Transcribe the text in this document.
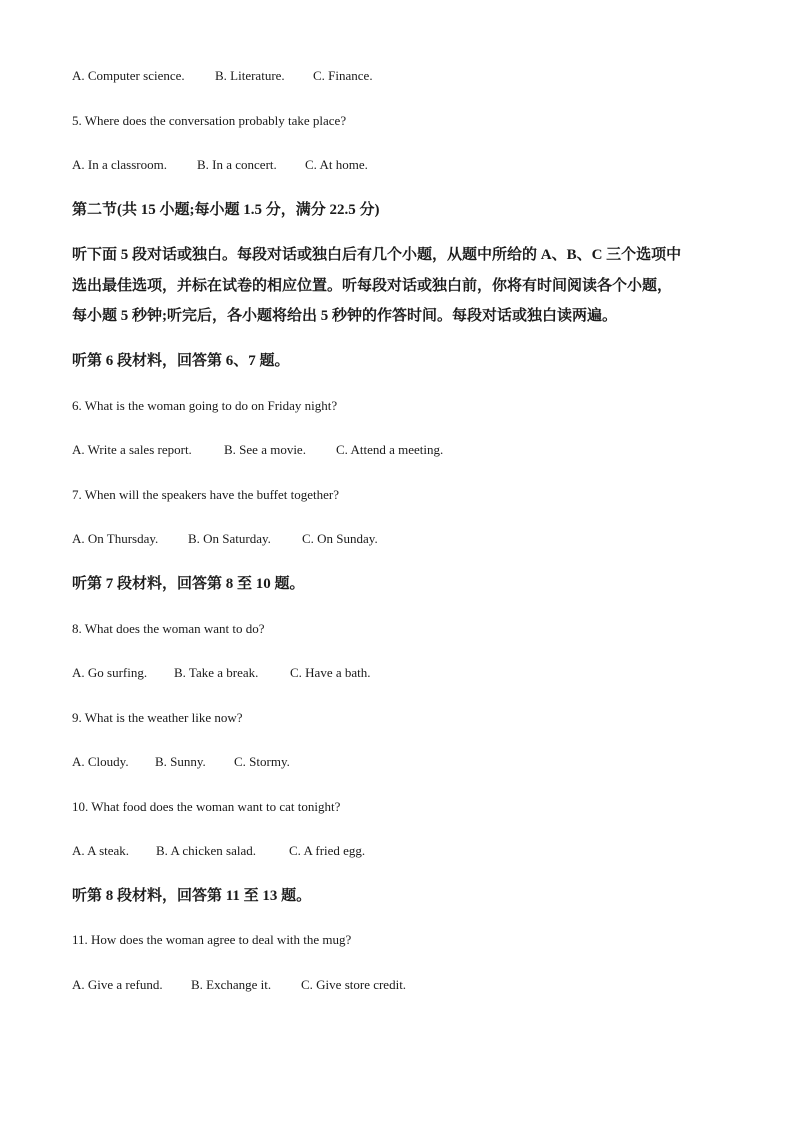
A. Computer science. B. Literature. C. Finance.
5. Where does the conversation probably take place?
A. In a classroom. B. In a concert. C. At home.
第二节(共 15 小题;每小题 1.5 分，满分 22.5 分)
听下面 5 段对话或独白。每段对话或独白后有几个小题，从题中所给的 A、B、C 三个选项中
选出最佳选项，并标在试卷的相应位置。听每段对话或独白前，你将有时间阅读各个小题，
每小题 5 秒钟;听完后，各小题将给出 5 秒钟的作答时间。每段对话或独白读两遍。
听第 6 段材料，回答第 6、7 题。
6. What is the woman going to do on Friday night?
A. Write a sales report. B. See a movie. C. Attend a meeting.
7. When will the speakers have the buffet together?
A. On Thursday. B. On Saturday. C. On Sunday.
听第 7 段材料，回答第 8 至 10 题。
8. What does the woman want to do?
A. Go surfing. B. Take a break. C. Have a bath.
9. What is the weather like now?
A. Cloudy. B. Sunny. C. Stormy.
10. What food does the woman want to cat tonight?
A. A steak. B. A chicken salad.	C. A fried egg.
听第 8 段材料，回答第 11 至 13 题。
11. How does the woman agree to deal with the mug?
A. Give a refund. B. Exchange it. C. Give store credit.
